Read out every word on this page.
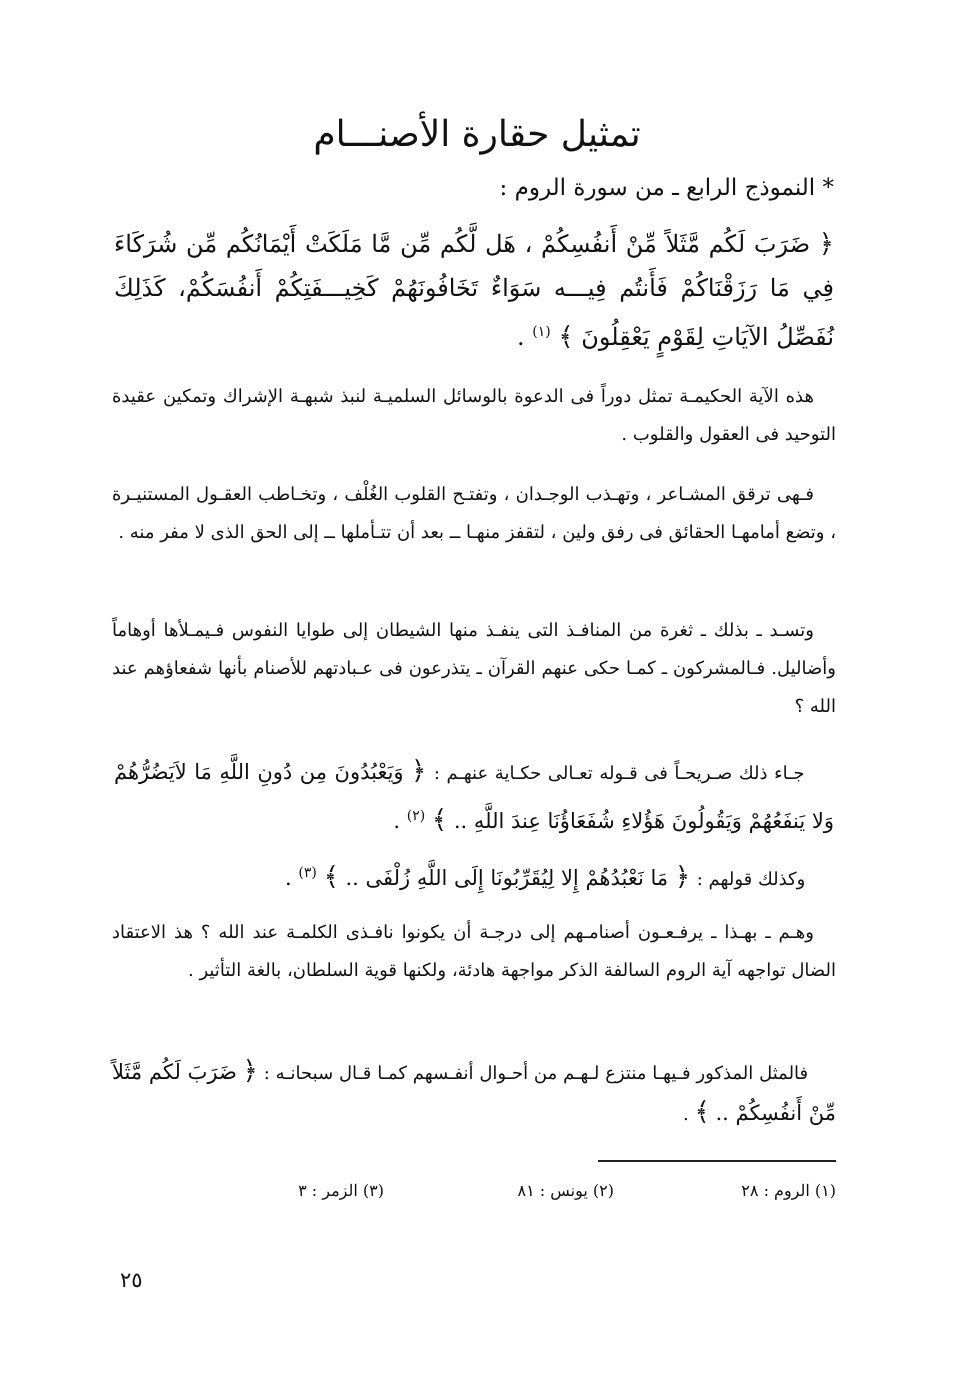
تمثيل حقارة الأصنـــام
* النموذج الرابع ـ من سورة الروم :
﴿ ضَرَبَ لَكُم مَّثَلاً مِّنْ أَنفُسِكُمْ ، هَل لَّكُم مِّن مَّا مَلَكَتْ أَيْمَانُكُم مِّن شُرَكَاءَ فِي مَا رَزَقْنَاكُمْ فَأَنتُم فِيـــه سَوَاءٌ تَخَافُونَهُمْ كَخِيـــفَتِكُمْ أَنفُسَكُمْ، كَذَلِكَ نُفَصِّلُ الآيَاتِ لِقَوْمٍ يَعْقِلُونَ ﴾ $^{(١)}$ .
هذه الآية الحكيمـة تمثل دوراً فى الدعوة بالوسائل السلميـة لنبذ شبهـة الإشراك وتمكين عقيدة التوحيد فى العقول والقلوب .
فـهى ترقق المشـاعر ، وتهـذب الوجـدان ، وتفتـح القلوب الغُلْف ، وتخـاطب العقـول المستنيـرة ، وتضع أمامهـا الحقائق فى رفق ولين ، لتقفز منهـا ــ بعد أن تتـأملها ــ إلى الحق الذى لا مفر منه .
وتسـد ـ بذلك ـ ثغرة من المنافـذ التى ينفـذ منها الشيطان إلى طوايا النفوس فـيمـلأها أوهاماً وأضاليل. فـالمشركون ـ كمـا حكى عنهم القرآن ـ يتذرعون فى عـبادتهم للأصنام بأنها شفعاؤهم عند الله ؟
جـاء ذلك صـريحـاً فى قـوله تعـالى حكـاية عنهـم : ﴿ وَيَعْبُدُونَ مِن دُونِ اللَّهِ مَا لاَيَضُرُّهُمْ وَلا يَنفَعُهُمْ وَيَقُولُونَ هَؤُلاءِ شُفَعَاؤُنَا عِندَ اللَّهِ .. ﴾ $^{(٢)}$ .
وكذلك قولهم : ﴿ مَا نَعْبُدُهُمْ إِلا لِيُقَرِّبُونَا إِلَى اللَّهِ زُلْفَى .. ﴾ $^{(٣)}$ .
وهـم ـ بهـذا ـ يرفـعـون أصنامـهم إلى درجـة أن يكونوا نافـذى الكلمـة عند الله ؟ هذ الاعتقاد الضال تواجهه آية الروم السالفة الذكر مواجهة هادئة، ولكنها قوية السلطان، بالغة التأثير .
فالمثل المذكور فـيهـا منتزع لـهـم من أحـوال أنفـسهم كمـا قـال سبحانـه : ﴿ ضَرَبَ لَكُم مَّثَلاً مِّنْ أَنفُسِكُمْ .. ﴾ .
(١) الروم : ٢٨
(٢) يونس : ٨١
(٣) الزمر : ٣
٢٥
